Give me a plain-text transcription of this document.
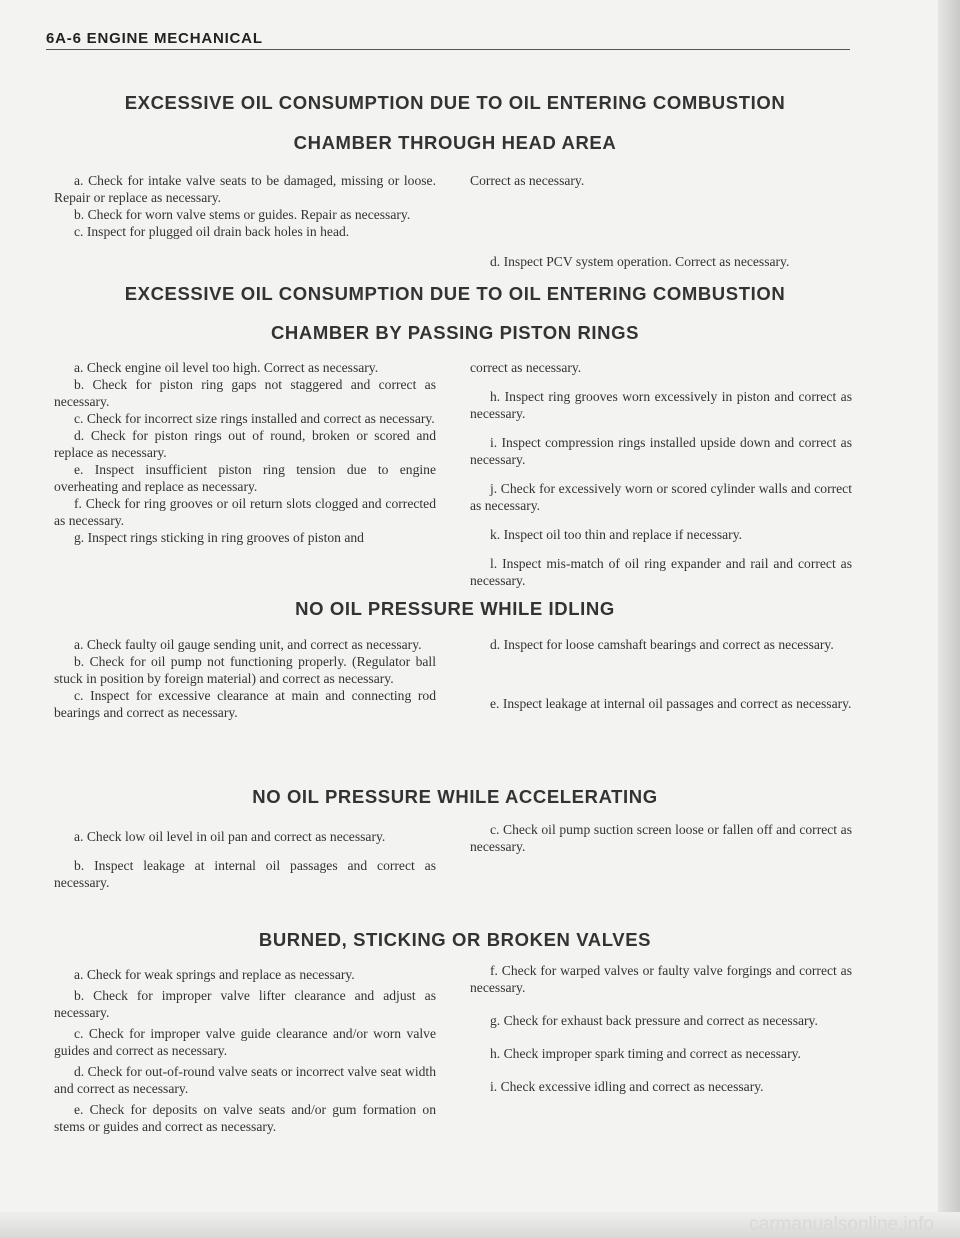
6A-6 ENGINE MECHANICAL
EXCESSIVE OIL CONSUMPTION DUE TO OIL ENTERING COMBUSTION
CHAMBER THROUGH HEAD AREA

a. Check for intake valve seats to be damaged, missing or loose. Repair or replace as necessary.

b. Check for worn valve stems or guides. Repair as necessary.

c. Inspect for plugged oil drain back holes in head.

Correct as necessary.

d. Inspect PCV system operation. Correct as necessary.

EXCESSIVE OIL CONSUMPTION DUE TO OIL ENTERING COMBUSTION
CHAMBER BY PASSING PISTON RINGS

a. Check engine oil level too high. Correct as necessary.

b. Check for piston ring gaps not staggered and correct as necessary.

c. Check for incorrect size rings installed and correct as necessary.

d. Check for piston rings out of round, broken or scored and replace as necessary.

e. Inspect insufficient piston ring tension due to engine overheating and replace as necessary.

f. Check for ring grooves or oil return slots clogged and corrected as necessary.

g. Inspect rings sticking in ring grooves of piston and

correct as necessary.

h. Inspect ring grooves worn excessively in piston and correct as necessary.

i. Inspect compression rings installed upside down and correct as necessary.

j. Check for excessively worn or scored cylinder walls and correct as necessary.

k. Inspect oil too thin and replace if necessary.

l. Inspect mis-match of oil ring expander and rail and correct as necessary.

NO OIL PRESSURE WHILE IDLING

a. Check faulty oil gauge sending unit, and correct as necessary.

b. Check for oil pump not functioning properly. (Regulator ball stuck in position by foreign material) and correct as necessary.

c. Inspect for excessive clearance at main and connecting rod bearings and correct as necessary.

d. Inspect for loose camshaft bearings and correct as necessary.

e. Inspect leakage at internal oil passages and correct as necessary.

NO OIL PRESSURE WHILE ACCELERATING

a. Check low oil level in oil pan and correct as necessary.

b. Inspect leakage at internal oil passages and correct as necessary.

c. Check oil pump suction screen loose or fallen off and correct as necessary.

BURNED, STICKING OR BROKEN VALVES

a. Check for weak springs and replace as necessary.

b. Check for improper valve lifter clearance and adjust as necessary.

c. Check for improper valve guide clearance and/or worn valve guides and correct as necessary.

d. Check for out-of-round valve seats or incorrect valve seat width and correct as necessary.

e. Check for deposits on valve seats and/or gum formation on stems or guides and correct as necessary.

f. Check for warped valves or faulty valve forgings and correct as necessary.

g. Check for exhaust back pressure and correct as necessary.

h. Check improper spark timing and correct as necessary.

i. Check excessive idling and correct as necessary.

carmanualsonline.info
